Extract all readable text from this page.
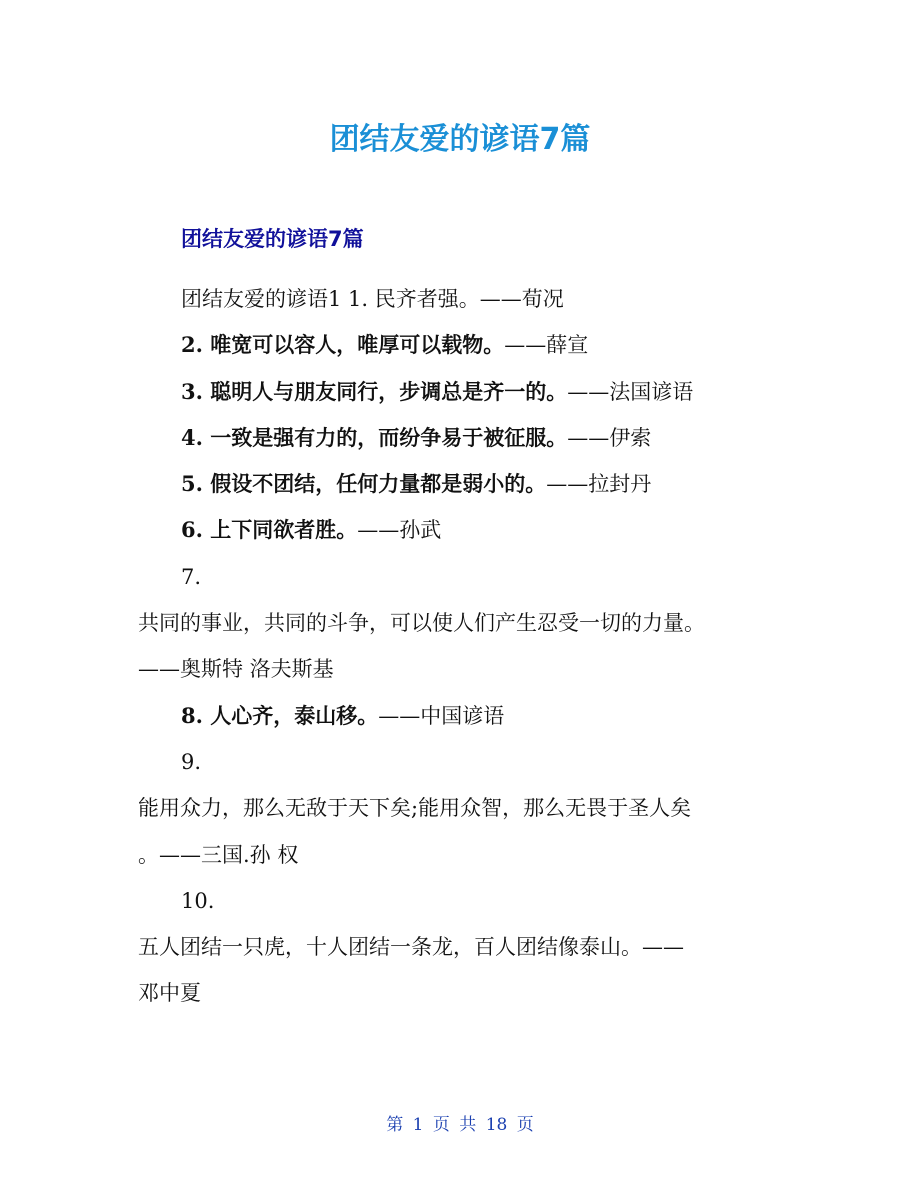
团结友爱的谚语7篇
团结友爱的谚语7篇
团结友爱的谚语1 1. 民齐者强。——荀况
2. 唯宽可以容人，唯厚可以载物。——薛宣
3. 聪明人与朋友同行，步调总是齐一的。——法国谚语
4. 一致是强有力的，而纷争易于被征服。——伊索
5. 假设不团结，任何力量都是弱小的。——拉封丹
6. 上下同欲者胜。——孙武
7.
共同的事业，共同的斗争，可以使人们产生忍受一切的力量。
——奥斯特 洛夫斯基
8. 人心齐，泰山移。——中国谚语
9.
能用众力，那么无敌于天下矣;能用众智，那么无畏于圣人矣
。——三国.孙 权
10.
五人团结一只虎，十人团结一条龙，百人团结像泰山。——
邓中夏
第 1 页 共 18 页
